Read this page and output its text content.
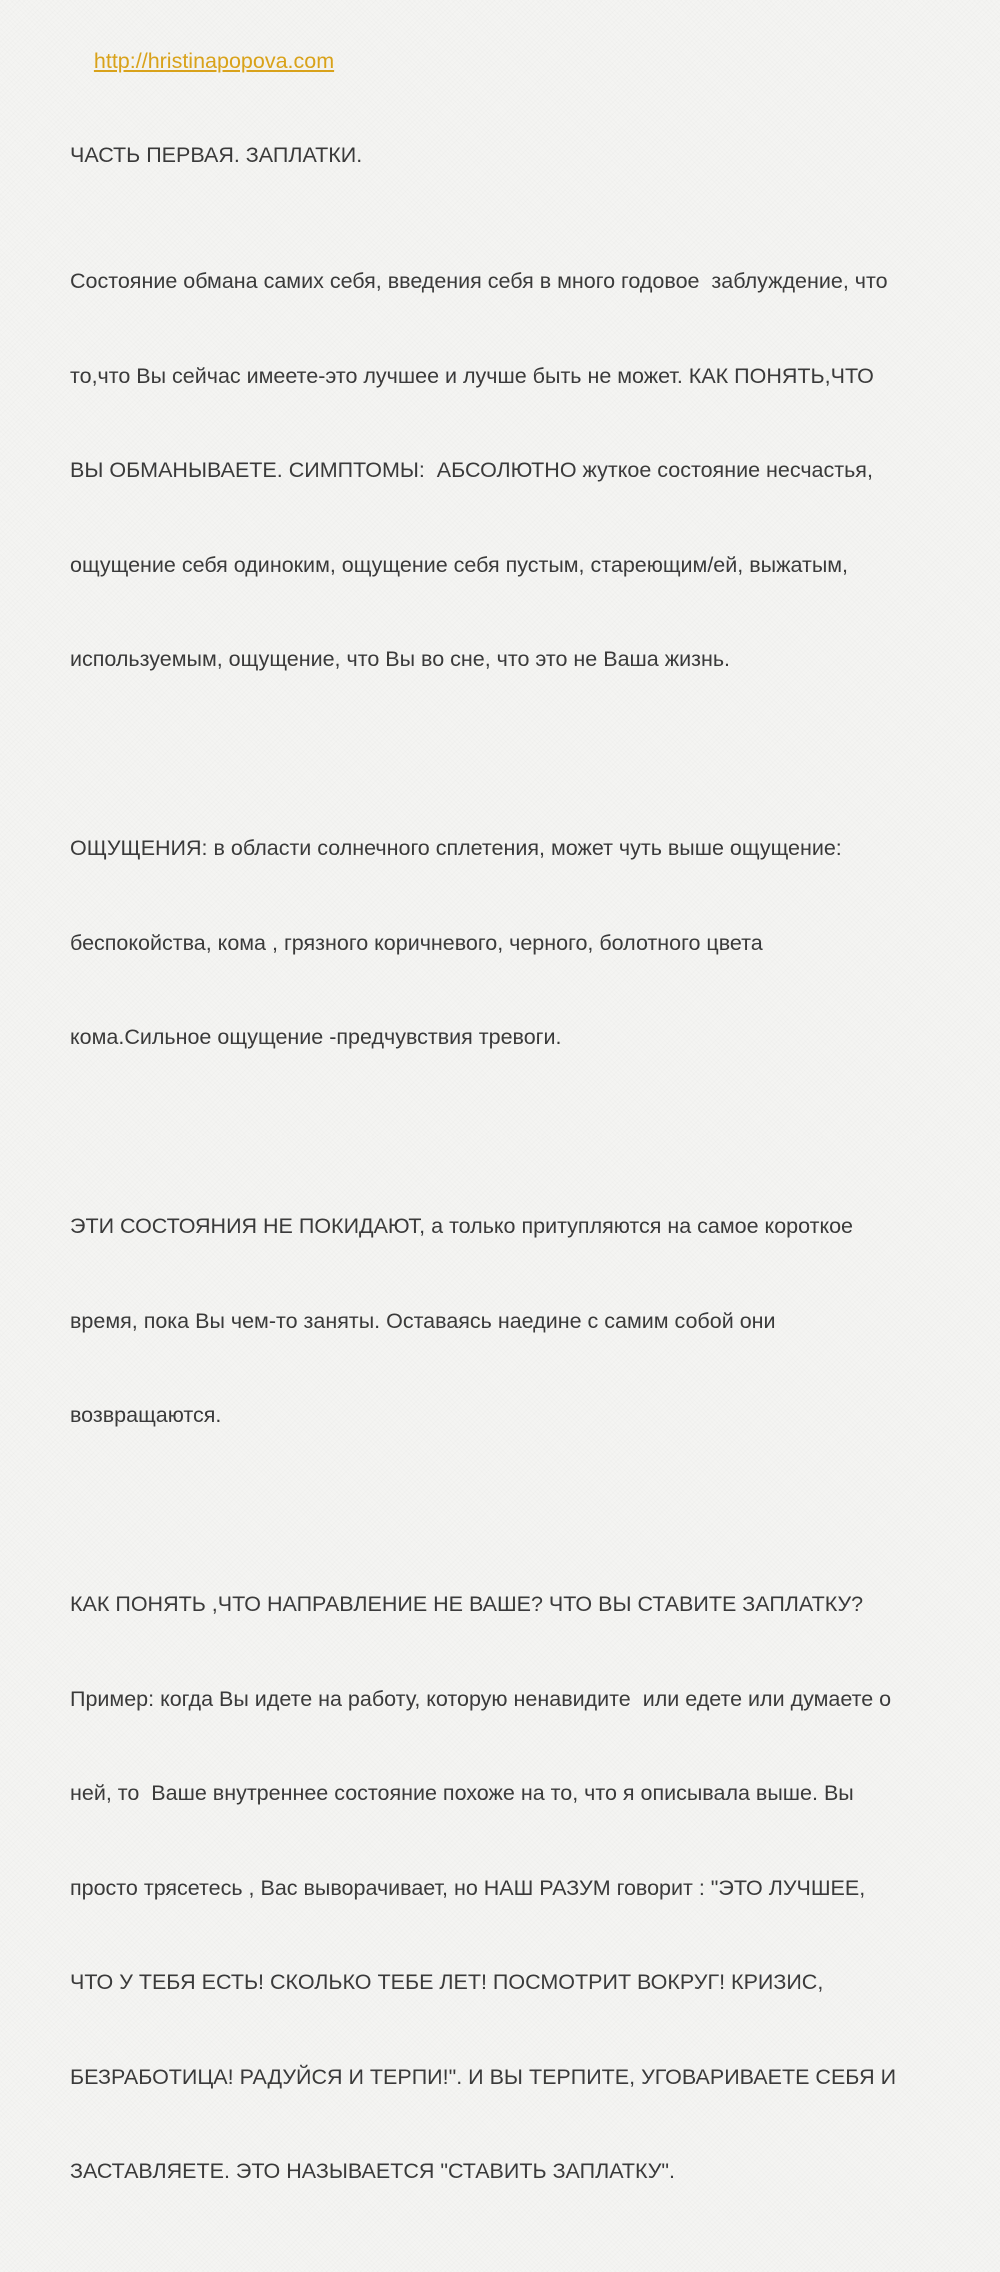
http://hristinapopova.com

ЧАСТЬ ПЕРВАЯ. ЗАПЛАТКИ.

Состояние обмана самих себя, введения себя в много годовое  заблуждение, что

то,что Вы сейчас имеете-это лучшее и лучше быть не может. КАК ПОНЯТЬ,ЧТО

ВЫ ОБМАНЫВАЕТЕ. СИМПТОМЫ:  АБСОЛЮТНО жуткое состояние несчастья,

ощущение себя одиноким, ощущение себя пустым, стареющим/ей, выжатым,

используемым, ощущение, что Вы во сне, что это не Ваша жизнь.

ОЩУЩЕНИЯ: в области солнечного сплетения, может чуть выше ощущение:

беспокойства, кома , грязного коричневого, черного, болотного цвета

кома.Сильное ощущение -предчувствия тревоги.

ЭТИ СОСТОЯНИЯ НЕ ПОКИДАЮТ, а только притупляются на самое короткое

время, пока Вы чем-то заняты. Оставаясь наедине с самим собой они

возвращаются.

КАК ПОНЯТЬ ,ЧТО НАПРАВЛЕНИЕ НЕ ВАШЕ? ЧТО ВЫ СТАВИТЕ ЗАПЛАТКУ?

Пример: когда Вы идете на работу, которую ненавидите  или едете или думаете о

ней, то  Ваше внутреннее состояние похоже на то, что я описывала выше. Вы

просто трясетесь , Вас выворачивает, но НАШ РАЗУМ говорит : "ЭТО ЛУЧШЕЕ,

ЧТО У ТЕБЯ ЕСТЬ! СКОЛЬКО ТЕБЕ ЛЕТ! ПОСМОТРИТ ВОКРУГ! КРИЗИС,

БЕЗРАБОТИЦА! РАДУЙСЯ И ТЕРПИ!". И ВЫ ТЕРПИТЕ, УГОВАРИВАЕТЕ СЕБЯ И

ЗАСТАВЛЯЕТЕ. ЭТО НАЗЫВАЕТСЯ "СТАВИТЬ ЗАПЛАТКУ".
